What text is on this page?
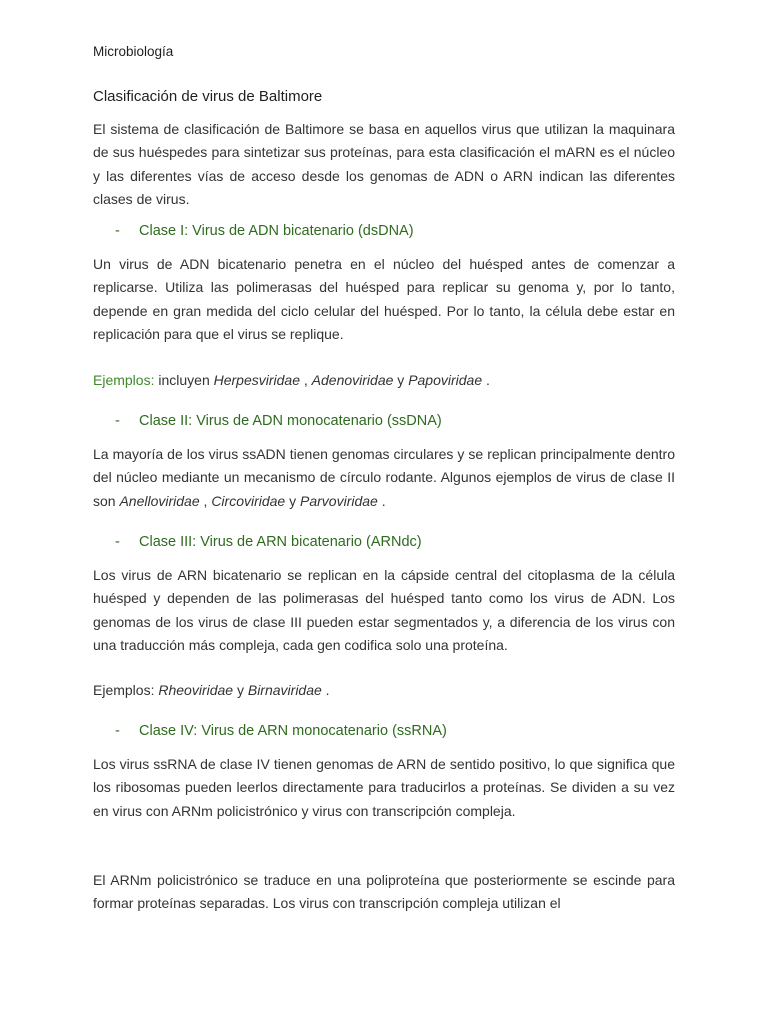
Microbiología

Clasificación de virus de Baltimore

El sistema de clasificación de Baltimore se basa en aquellos virus que utilizan la maquinara de sus huéspedes para sintetizar sus proteínas, para esta clasificación el mARN es el núcleo y las diferentes vías de acceso desde los genomas de ADN o ARN indican las diferentes clases de virus.

- Clase I: Virus de ADN bicatenario (dsDNA)

Un virus de ADN bicatenario penetra en el núcleo del huésped antes de comenzar a replicarse. Utiliza las polimerasas del huésped para replicar su genoma y, por lo tanto, depende en gran medida del ciclo celular del huésped. Por lo tanto, la célula debe estar en replicación para que el virus se replique.

Ejemplos: incluyen Herpesviridae , Adenoviridae y Papoviridae .

- Clase II: Virus de ADN monocatenario (ssDNA)

La mayoría de los virus ssADN tienen genomas circulares y se replican principalmente dentro del núcleo mediante un mecanismo de círculo rodante. Algunos ejemplos de virus de clase II son Anelloviridae , Circoviridae y Parvoviridae .

- Clase III: Virus de ARN bicatenario (ARNdc)

Los virus de ARN bicatenario se replican en la cápside central del citoplasma de la célula huésped y dependen de las polimerasas del huésped tanto como los virus de ADN. Los genomas de los virus de clase III pueden estar segmentados y, a diferencia de los virus con una traducción más compleja, cada gen codifica solo una proteína.

Ejemplos: Rheoviridae y Birnaviridae .

- Clase IV: Virus de ARN monocatenario (ssRNA)

Los virus ssRNA de clase IV tienen genomas de ARN de sentido positivo, lo que significa que los ribosomas pueden leerlos directamente para traducirlos a proteínas. Se dividen a su vez en virus con ARNm policistrónico y virus con transcripción compleja.

El ARNm policistrónico se traduce en una poliproteína que posteriormente se escinde para formar proteínas separadas. Los virus con transcripción compleja utilizan el
